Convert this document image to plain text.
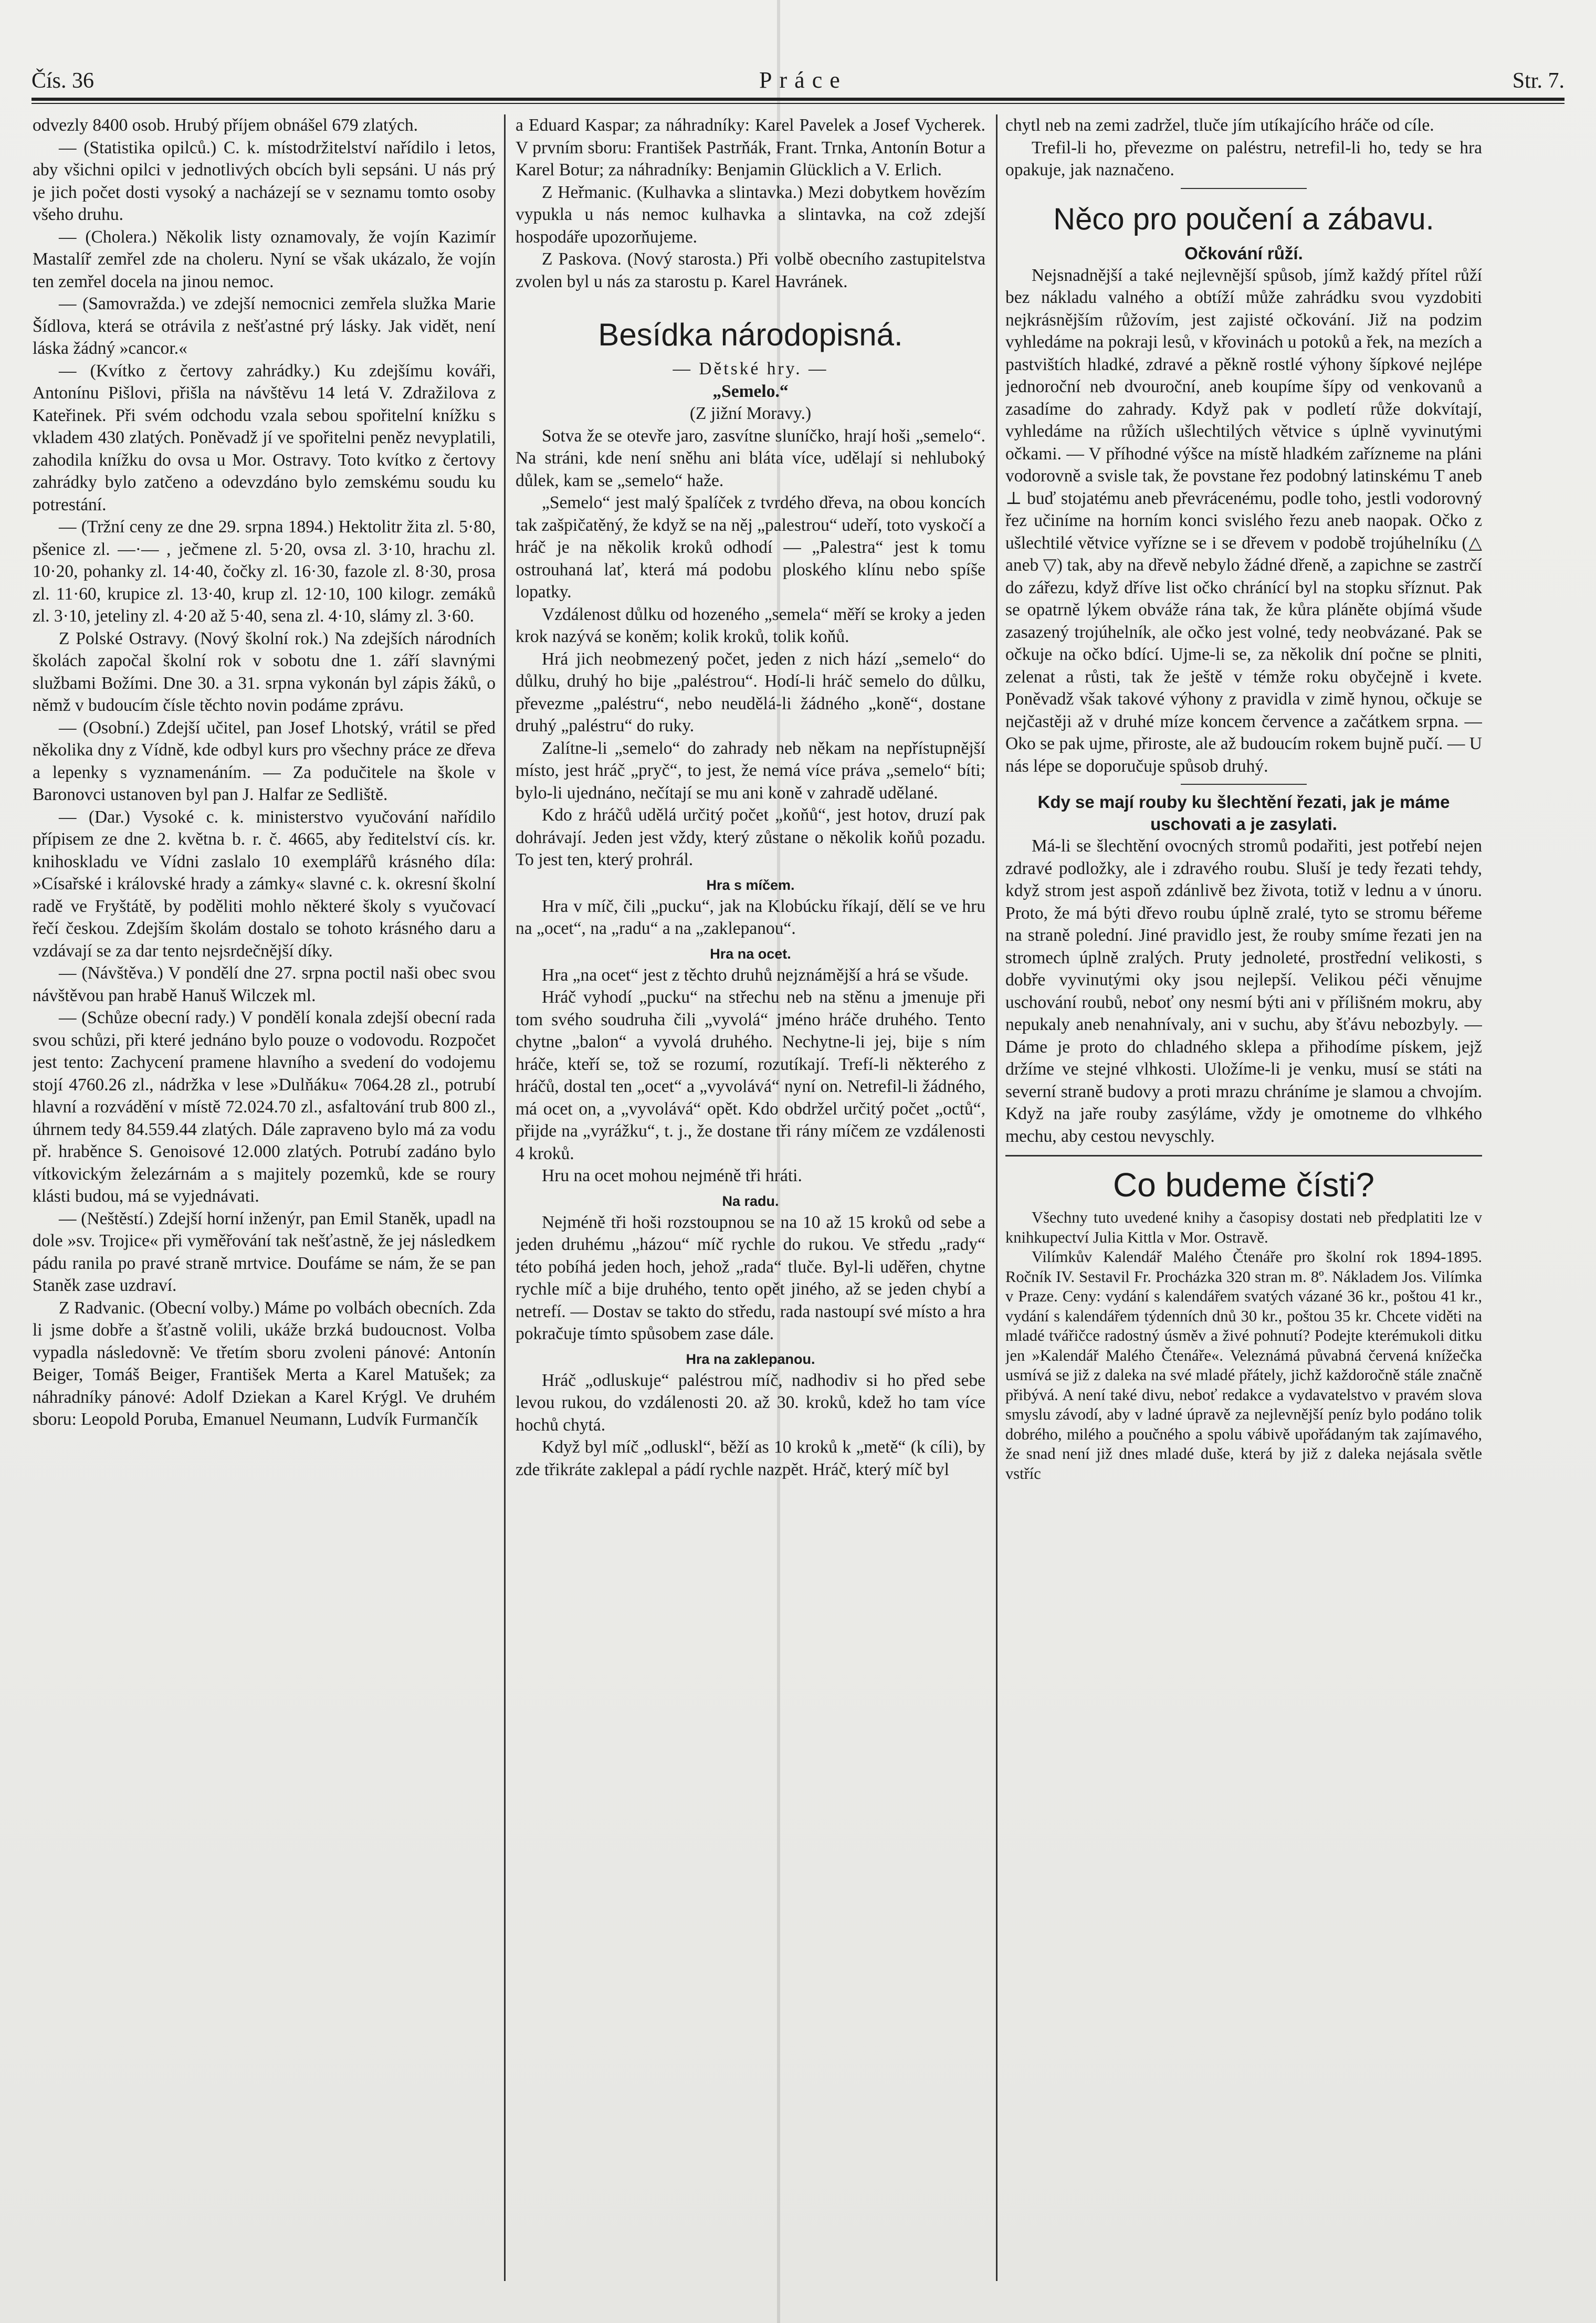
Čís. 36	Práce	Str. 7.

odvezly 8400 osob. Hrubý příjem obnášel 679 zlatých.

— (Statistika opilců.) C. k. místodržitelství nařídilo i letos, aby všichni opilci v jednotlivých obcích byli sepsáni. U nás prý je jich počet dosti vysoký a nacházejí se v seznamu tomto osoby všeho druhu.

— (Cholera.) Několik listy oznamovaly, že vojín Kazimír Mastalíř zemřel zde na choleru. Nyní se však ukázalo, že vojín ten zemřel docela na jinou nemoc.

— (Samovražda.) ve zdejší nemocnici zemřela služka Marie Šídlova, která se otrávila z nešťastné prý lásky. Jak vidět, není láska žádný »cancor.«

— (Kvítko z čertovy zahrádky.) Ku zdejšímu kováři, Antonínu Pišlovi, přišla na návštěvu 14 letá V. Zdražilova z Kateřinek. Při svém odchodu vzala sebou spořitelní knížku s vkladem 430 zlatých. Poněvadž jí ve spořitelni peněz nevyplatili, zahodila knížku do ovsa u Mor. Ostravy. Toto kvítko z čertovy zahrádky bylo zatčeno a odevzdáno bylo zemskému soudu ku potrestání.

— (Tržní ceny ze dne 29. srpna 1894.) Hektolitr žita zl. 5·80, pšenice zl. —·— , ječmene zl. 5·20, ovsa zl. 3·10, hrachu zl. 10·20, pohanky zl. 14·40, čočky zl. 16·30, fazole zl. 8·30, prosa zl. 11·60, krupice zl. 13·40, krup zl. 12·10, 100 kilogr. zemáků zl. 3·10, jeteliny zl. 4·20 až 5·40, sena zl. 4·10, slámy zl. 3·60.

Z Polské Ostravy. (Nový školní rok.) Na zdejších národních školách započal školní rok v sobotu dne 1. září slavnými službami Božími. Dne 30. a 31. srpna vykonán byl zápis žáků, o němž v budoucím čísle těchto novin podáme zprávu.

— (Osobní.) Zdejší učitel, pan Josef Lhotský, vrátil se před několika dny z Vídně, kde odbyl kurs pro všechny práce ze dřeva a lepenky s vyznamenáním. — Za podučitele na škole v Baronovci ustanoven byl pan J. Halfar ze Sedliště.

— (Dar.) Vysoké c. k. ministerstvo vyučování nařídilo přípisem ze dne 2. května b. r. č. 4665, aby ředitelství cís. kr. knihoskladu ve Vídni zaslalo 10 exemplářů krásného díla: »Císařské i královské hrady a zámky« slavné c. k. okresní školní radě ve Fryštátě, by poděliti mohlo některé školy s vyučovací řečí českou. Zdejším školám dostalo se tohoto krásného daru a vzdávají se za dar tento nejsrdečnější díky.

— (Návštěva.) V pondělí dne 27. srpna poctil naši obec svou návštěvou pan hrabě Hanuš Wilczek ml.

— (Schůze obecní rady.) V pondělí konala zdejší obecní rada svou schůzi, při které jednáno bylo pouze o vodovodu. Rozpočet jest tento: Zachycení pramene hlavního a svedení do vodojemu stojí 4760.26 zl., nádržka v lese »Dulňáku« 7064.28 zl., potrubí hlavní a rozvádění v místě 72.024.70 zl., asfaltování trub 800 zl., úhrnem tedy 84.559.44 zlatých. Dále zapraveno bylo má za vodu př. hraběnce S. Genoisové 12.000 zlatých. Potrubí zadáno bylo vítkovickým železárnám a s majitely pozemků, kde se roury klásti budou, má se vyjednávati.

— (Neštěstí.) Zdejší horní inženýr, pan Emil Staněk, upadl na dole »sv. Trojice« při vyměřování tak nešťastně, že jej následkem pádu ranila po pravé straně mrtvice. Doufáme se nám, že se pan Staněk zase uzdraví.

Z Radvanic. (Obecní volby.) Máme po volbách obecních. Zda li jsme dobře a šťastně volili, ukáže brzká budoucnost. Volba vypadla následovně: Ve třetím sboru zvoleni pánové: Antonín Beiger, Tomáš Beiger, František Merta a Karel Matušek; za náhradníky pánové: Adolf Dziekan a Karel Krýgl. Ve druhém sboru: Leopold Poruba, Emanuel Neumann, Ludvík Furmančík

a Eduard Kaspar; za náhradníky: Karel Pavelek a Josef Vycherek. V prvním sboru: František Pastrňák, Frant. Trnka, Antonín Botur a Karel Botur; za náhradníky: Benjamin Glücklich a V. Erlich.

Z Heřmanic. (Kulhavka a slintavka.) Mezi dobytkem hovězím vypukla u nás nemoc kulhavka a slintavka, na což zdejší hospodáře upozorňujeme.

Z Paskova. (Nový starosta.) Při volbě obecního zastupitelstva zvolen byl u nás za starostu p. Karel Havránek.

Besídka národopisná.
— Dětské hry. —
„Semelo.“
(Z jižní Moravy.)

Sotva že se otevře jaro, zasvítne sluníčko, hrají hoši „semelo“. Na stráni, kde není sněhu ani bláta více, udělají si nehluboký důlek, kam se „semelo“ haže.

„Semelo“ jest malý špalíček z tvrdého dřeva, na obou koncích tak zašpičatěný, že když se na něj „palestrou“ udeří, toto vyskočí a hráč je na několik kroků odhodí — „Palestra“ jest k tomu ostrouhaná lať, která má podobu ploského klínu nebo spíše lopatky.

Vzdálenost důlku od hozeného „semela“ měří se kroky a jeden krok nazývá se koněm; kolik kroků, tolik koňů.

Hrá jich neobmezený počet, jeden z nich hází „semelo“ do důlku, druhý ho bije „paléstrou“. Hodí-li hráč semelo do důlku, převezme „paléstru“, nebo neudělá-li žádného „koně“, dostane druhý „paléstru“ do ruky.

Zalítne-li „semelo“ do zahrady neb někam na nepřístupnější místo, jest hráč „pryč“, to jest, že nemá více práva „semelo“ bíti; bylo-li ujednáno, nečítají se mu ani koně v zahradě udělané.

Kdo z hráčů udělá určitý počet „koňů“, jest hotov, druzí pak dohrávají. Jeden jest vždy, který zůstane o několik koňů pozadu. To jest ten, který prohrál.

Hra s míčem.

Hra v míč, čili „pucku“, jak na Klobúcku říkají, dělí se ve hru na „ocet“, na „radu“ a na „zaklepanou“.

Hra na ocet.

Hra „na ocet“ jest z těchto druhů nejznámější a hrá se všude.

Hráč vyhodí „pucku“ na střechu neb na stěnu a jmenuje při tom svého soudruha čili „vyvolá“ jméno hráče druhého. Tento chytne „balon“ a vyvolá druhého. Nechytne-li jej, bije s ním hráče, kteří se, tož se rozumí, rozutíkají. Trefí-li některého z hráčů, dostal ten „ocet“ a „vyvolává“ nyní on. Netrefil-li žádného, má ocet on, a „vyvolává“ opět. Kdo obdržel určitý počet „octů“, přijde na „vyrážku“, t. j., že dostane tři rány míčem ze vzdálenosti 4 kroků.

Hru na ocet mohou nejméně tři hráti.

Na radu.

Nejméně tři hoši rozstoupnou se na 10 až 15 kroků od sebe a jeden druhému „házou“ míč rychle do rukou. Ve středu „rady“ této pobíhá jeden hoch, jehož „rada“ tluče. Byl-li uděřen, chytne rychle míč a bije druhého, tento opět jiného, až se jeden chybí a netrefí. — Dostav se takto do středu, rada nastoupí své místo a hra pokračuje tímto spůsobem zase dále.

Hra na zaklepanou.

Hráč „odluskuje“ paléstrou míč, nadhodiv si ho před sebe levou rukou, do vzdálenosti 20. až 30. kroků, kdež ho tam více hochů chytá.

Když byl míč „odluskl“, běží as 10 kroků k „metě“ (k cíli), by zde třikráte zaklepal a pádí rychle nazpět. Hráč, který míč byl

chytl neb na zemi zadržel, tluče jím utíkajícího hráče od cíle.

Trefil-li ho, převezme on paléstru, netrefil-li ho, tedy se hra opakuje, jak naznačeno.

Něco pro poučení a zábavu.
Očkování růží.

Nejsnadnější a také nejlevnější spůsob, jímž každý přítel růží bez nákladu valného a obtíží může zahrádku svou vyzdobiti nejkrásnějším růžovím, jest zajisté očkování. Již na podzim vyhledáme na pokraji lesů, v křovinách u potoků a řek, na mezích a pastvištích hladké, zdravé a pěkně rostlé výhony šípkové nejlépe jednoroční neb dvouroční, aneb koupíme šípy od venkovanů a zasadíme do zahrady. Když pak v podletí růže dokvítají, vyhledáme na růžích ušlechtilých větvice s úplně vyvinutými očkami. — V příhodné výšce na místě hladkém zařízneme na pláni vodorovně a svisle tak, že povstane řez podobný latinskému T aneb ⊥ buď stojatému aneb převrácenému, podle toho, jestli vodorovný řez učiníme na horním konci svislého řezu aneb naopak. Očko z ušlechtilé větvice vyřízne se i se dřevem v podobě trojúhelníku (△ aneb ▽) tak, aby na dřevě nebylo žádné dřeně, a zapichne se zastrčí do zářezu, když dříve list očko chránící byl na stopku sříznut. Pak se opatrně lýkem obváže rána tak, že kůra pláněte objímá všude zasazený trojúhelník, ale očko jest volné, tedy neobvázané. Pak se očkuje na očko bdící. Ujme-li se, za několik dní počne se plniti, zelenat a růsti, tak že ještě v témže roku obyčejně i kvete. Poněvadž však takové výhony z pravidla v zimě hynou, očkuje se nejčastěji až v druhé míze koncem července a začátkem srpna. — Oko se pak ujme, přiroste, ale až budoucím rokem bujně pučí. — U nás lépe se doporučuje spůsob druhý.

Kdy se mají rouby ku šlechtění řezati, jak je máme uschovati a je zasylati.

Má-li se šlechtění ovocných stromů podařiti, jest potřebí nejen zdravé podložky, ale i zdravého roubu. Sluší je tedy řezati tehdy, když strom jest aspoň zdánlivě bez života, totiž v lednu a v únoru. Proto, že má býti dřevo roubu úplně zralé, tyto se stromu béřeme na straně polední. Jiné pravidlo jest, že rouby smíme řezati jen na stromech úplně zralých. Pruty jednoleté, prostřední velikosti, s dobře vyvinutými oky jsou nejlepší. Velikou péči věnujme uschování roubů, neboť ony nesmí býti ani v přílišném mokru, aby nepukaly aneb nenahnívaly, ani v suchu, aby šťávu nebozbyly. — Dáme je proto do chladného sklepa a přihodíme pískem, jejž držíme ve stejné vlhkosti. Uložíme-li je venku, musí se státi na severní straně budovy a proti mrazu chráníme je slamou a chvojím. Když na jaře rouby zasýláme, vždy je omotneme do vlhkého mechu, aby cestou nevyschly.

Co budeme čísti?

Všechny tuto uvedené knihy a časopisy dostati neb předplatiti lze v knihkupectví Julia Kittla v Mor. Ostravě.

Vilímkův Kalendář Malého Čtenáře pro školní rok 1894-1895. Ročník IV. Sestavil Fr. Procházka 320 stran m. 8º. Nákladem Jos. Vilímka v Praze. Ceny: vydání s kalendářem svatých vázané 36 kr., poštou 41 kr., vydání s kalendářem týdenních dnů 30 kr., poštou 35 kr. Chcete viděti na mladé tvářičce radostný úsměv a živé pohnutí? Podejte kterémukoli ditku jen »Kalendář Malého Čtenáře«. Veleznámá půvabná červená knížečka usmívá se již z daleka na své mladé přátely, jichž každoročně stále značně přibývá. A není také divu, neboť redakce a vydavatelstvo v pravém slova smyslu závodí, aby v ladné úpravě za nejlevnější peníz bylo podáno tolik dobrého, milého a poučného a spolu vábivě upořádaným tak zajímavého, že snad není již dnes mladé duše, která by již z daleka nejásala světle vstříc
